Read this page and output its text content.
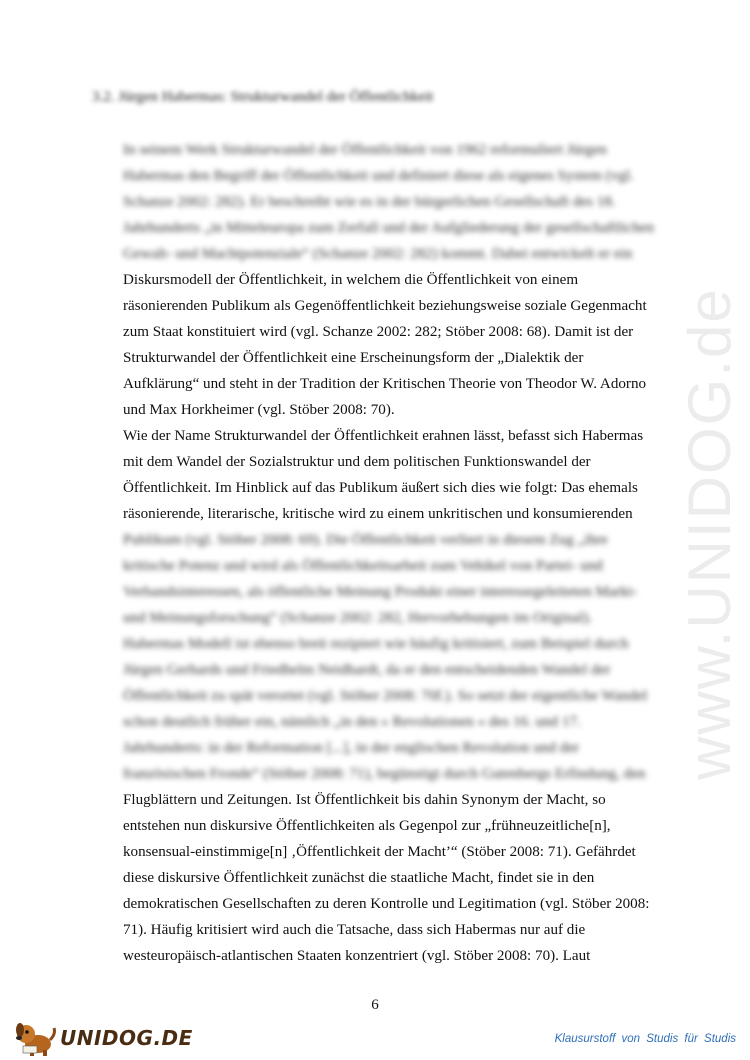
www.UNIDOG.de
3.2. Jürgen Habermas: Strukturwandel der Öffentlichkeit
In seinem Werk Strukturwandel der Öffentlichkeit von 1962 reformuliert Jürgen
Habermas den Begriff der Öffentlichkeit und definiert diese als eigenes System (vgl.
Schanze 2002: 282). Er beschreibt wie es in der bürgerlichen Gesellschaft des 18.
Jahrhunderts „in Mitteleuropa zum Zerfall und der Aufgliederung der gesellschaftlichen
Gewalt- und Machtpotenziale“ (Schanze 2002: 282) kommt. Dabei entwickelt er ein
Diskursmodell der Öffentlichkeit, in welchem die Öffentlichkeit von einem
räsonierenden Publikum als Gegenöffentlichkeit beziehungsweise soziale Gegenmacht
zum Staat konstituiert wird (vgl. Schanze 2002: 282; Stöber 2008: 68). Damit ist der
Strukturwandel der Öffentlichkeit eine Erscheinungsform der „Dialektik der
Aufklärung“ und steht in der Tradition der Kritischen Theorie von Theodor W. Adorno
und Max Horkheimer (vgl. Stöber 2008: 70).
Wie der Name Strukturwandel der Öffentlichkeit erahnen lässt, befasst sich Habermas
mit dem Wandel der Sozialstruktur und dem politischen Funktionswandel der
Öffentlichkeit. Im Hinblick auf das Publikum äußert sich dies wie folgt: Das ehemals
räsonierende, literarische, kritische wird zu einem unkritischen und konsumierenden
Publikum (vgl. Stöber 2008: 69). Die Öffentlichkeit verliert in diesem Zug „ihre
kritische Potenz und wird als Öffentlichkeitsarbeit zum Vehikel von Partei- und
Verbandsinteressen, als öffentliche Meinung Produkt einer interessegeleiteten Markt-
und Meinungsforschung“ (Schanze 2002: 282, Hervorhebungen im Original).
Habermas Modell ist ebenso breit rezipiert wie häufig kritisiert, zum Beispiel durch
Jürgen Gerhards und Friedhelm Neidhardt, da er den entscheidenden Wandel der
Öffentlichkeit zu spät verortet (vgl. Stöber 2008: 70f.). So setzt der eigentliche Wandel
schon deutlich früher ein, nämlich „in den » Revolutionen « des 16. und 17.
Jahrhunderts: in der Reformation [...], in der englischen Revolution und der
französischen Fronde“ (Stöber 2008: 71), begünstigt durch Gutenbergs Erfindung, den
Flugblättern und Zeitungen. Ist Öffentlichkeit bis dahin Synonym der Macht, so
entstehen nun diskursive Öffentlichkeiten als Gegenpol zur „frühneuzeitliche[n],
konsensual-einstimmige[n] ‚Öffentlichkeit der Macht’“ (Stöber 2008: 71). Gefährdet
diese diskursive Öffentlichkeit zunächst die staatliche Macht, findet sie in den
demokratischen Gesellschaften zu deren Kontrolle und Legitimation (vgl. Stöber 2008:
71). Häufig kritisiert wird auch die Tatsache, dass sich Habermas nur auf die
westeuropäisch-atlantischen Staaten konzentriert (vgl. Stöber 2008: 70). Laut
6
UNIDOG.DE	Klausurstoff von Studis für Studis
